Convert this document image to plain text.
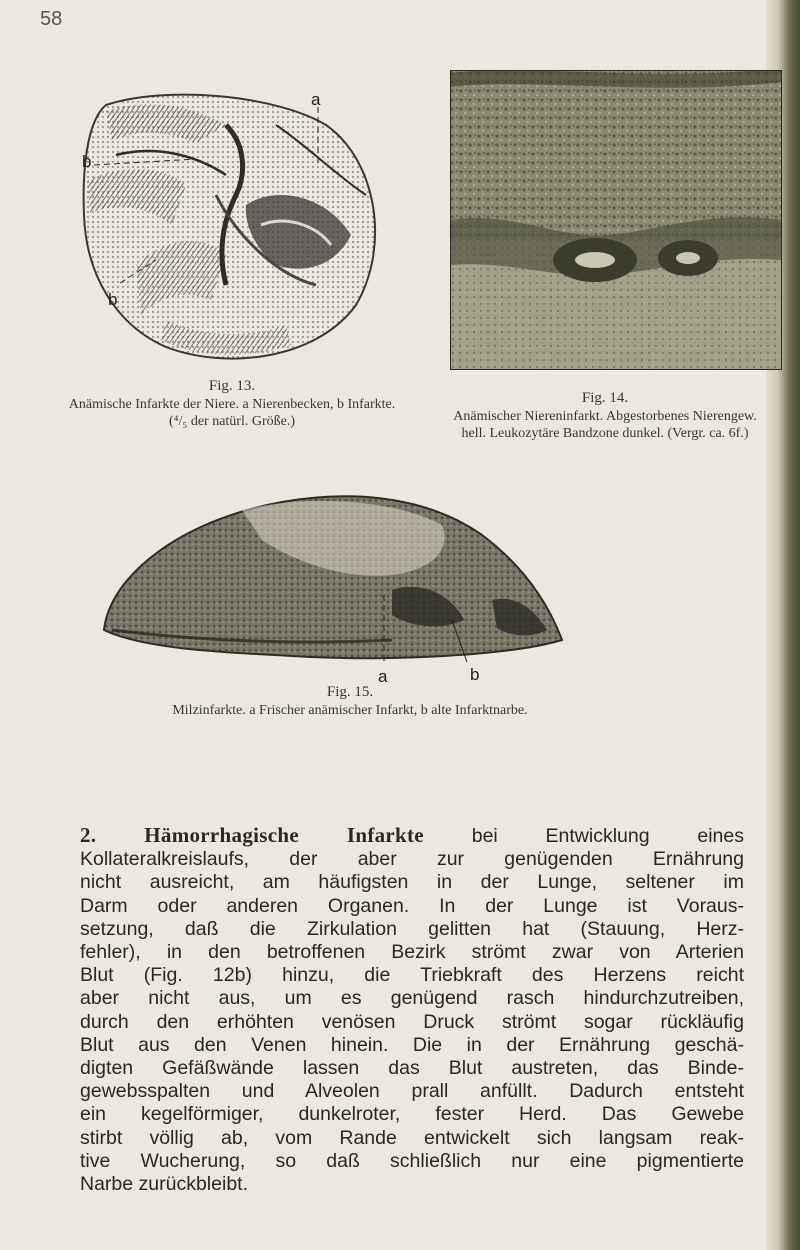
58
a
b
b
Fig. 13.
Anämische Infarkte der Niere. a Nierenbecken, b Infarkte.
(⁴/₅ der natürl. Größe.)
Fig. 14.
Anämischer Niereninfarkt. Abgestorbenes Nierengew.
hell. Leukozytäre Bandzone dunkel. (Vergr. ca. 6f.)
a	b
Fig. 15.
Milzinfarkte. a Frischer anämischer Infarkt, b alte Infarktnarbe.
2. Hämorrhagische Infarkte bei Entwicklung eines
Kollateralkreislaufs, der aber zur genügenden Ernährung
nicht ausreicht, am häufigsten in der Lunge, seltener im
Darm oder anderen Organen. In der Lunge ist Voraus-
setzung, daß die Zirkulation gelitten hat (Stauung, Herz-
fehler), in den betroffenen Bezirk strömt zwar von Arterien
Blut (Fig. 12b) hinzu, die Triebkraft des Herzens reicht
aber nicht aus, um es genügend rasch hindurchzutreiben,
durch den erhöhten venösen Druck strömt sogar rückläufig
Blut aus den Venen hinein. Die in der Ernährung geschä-
digten Gefäßwände lassen das Blut austreten, das Binde-
gewebsspalten und Alveolen prall anfüllt. Dadurch entsteht
ein kegelförmiger, dunkelroter, fester Herd. Das Gewebe
stirbt völlig ab, vom Rande entwickelt sich langsam reak-
tive Wucherung, so daß schließlich nur eine pigmentierte
Narbe zurückbleibt.
